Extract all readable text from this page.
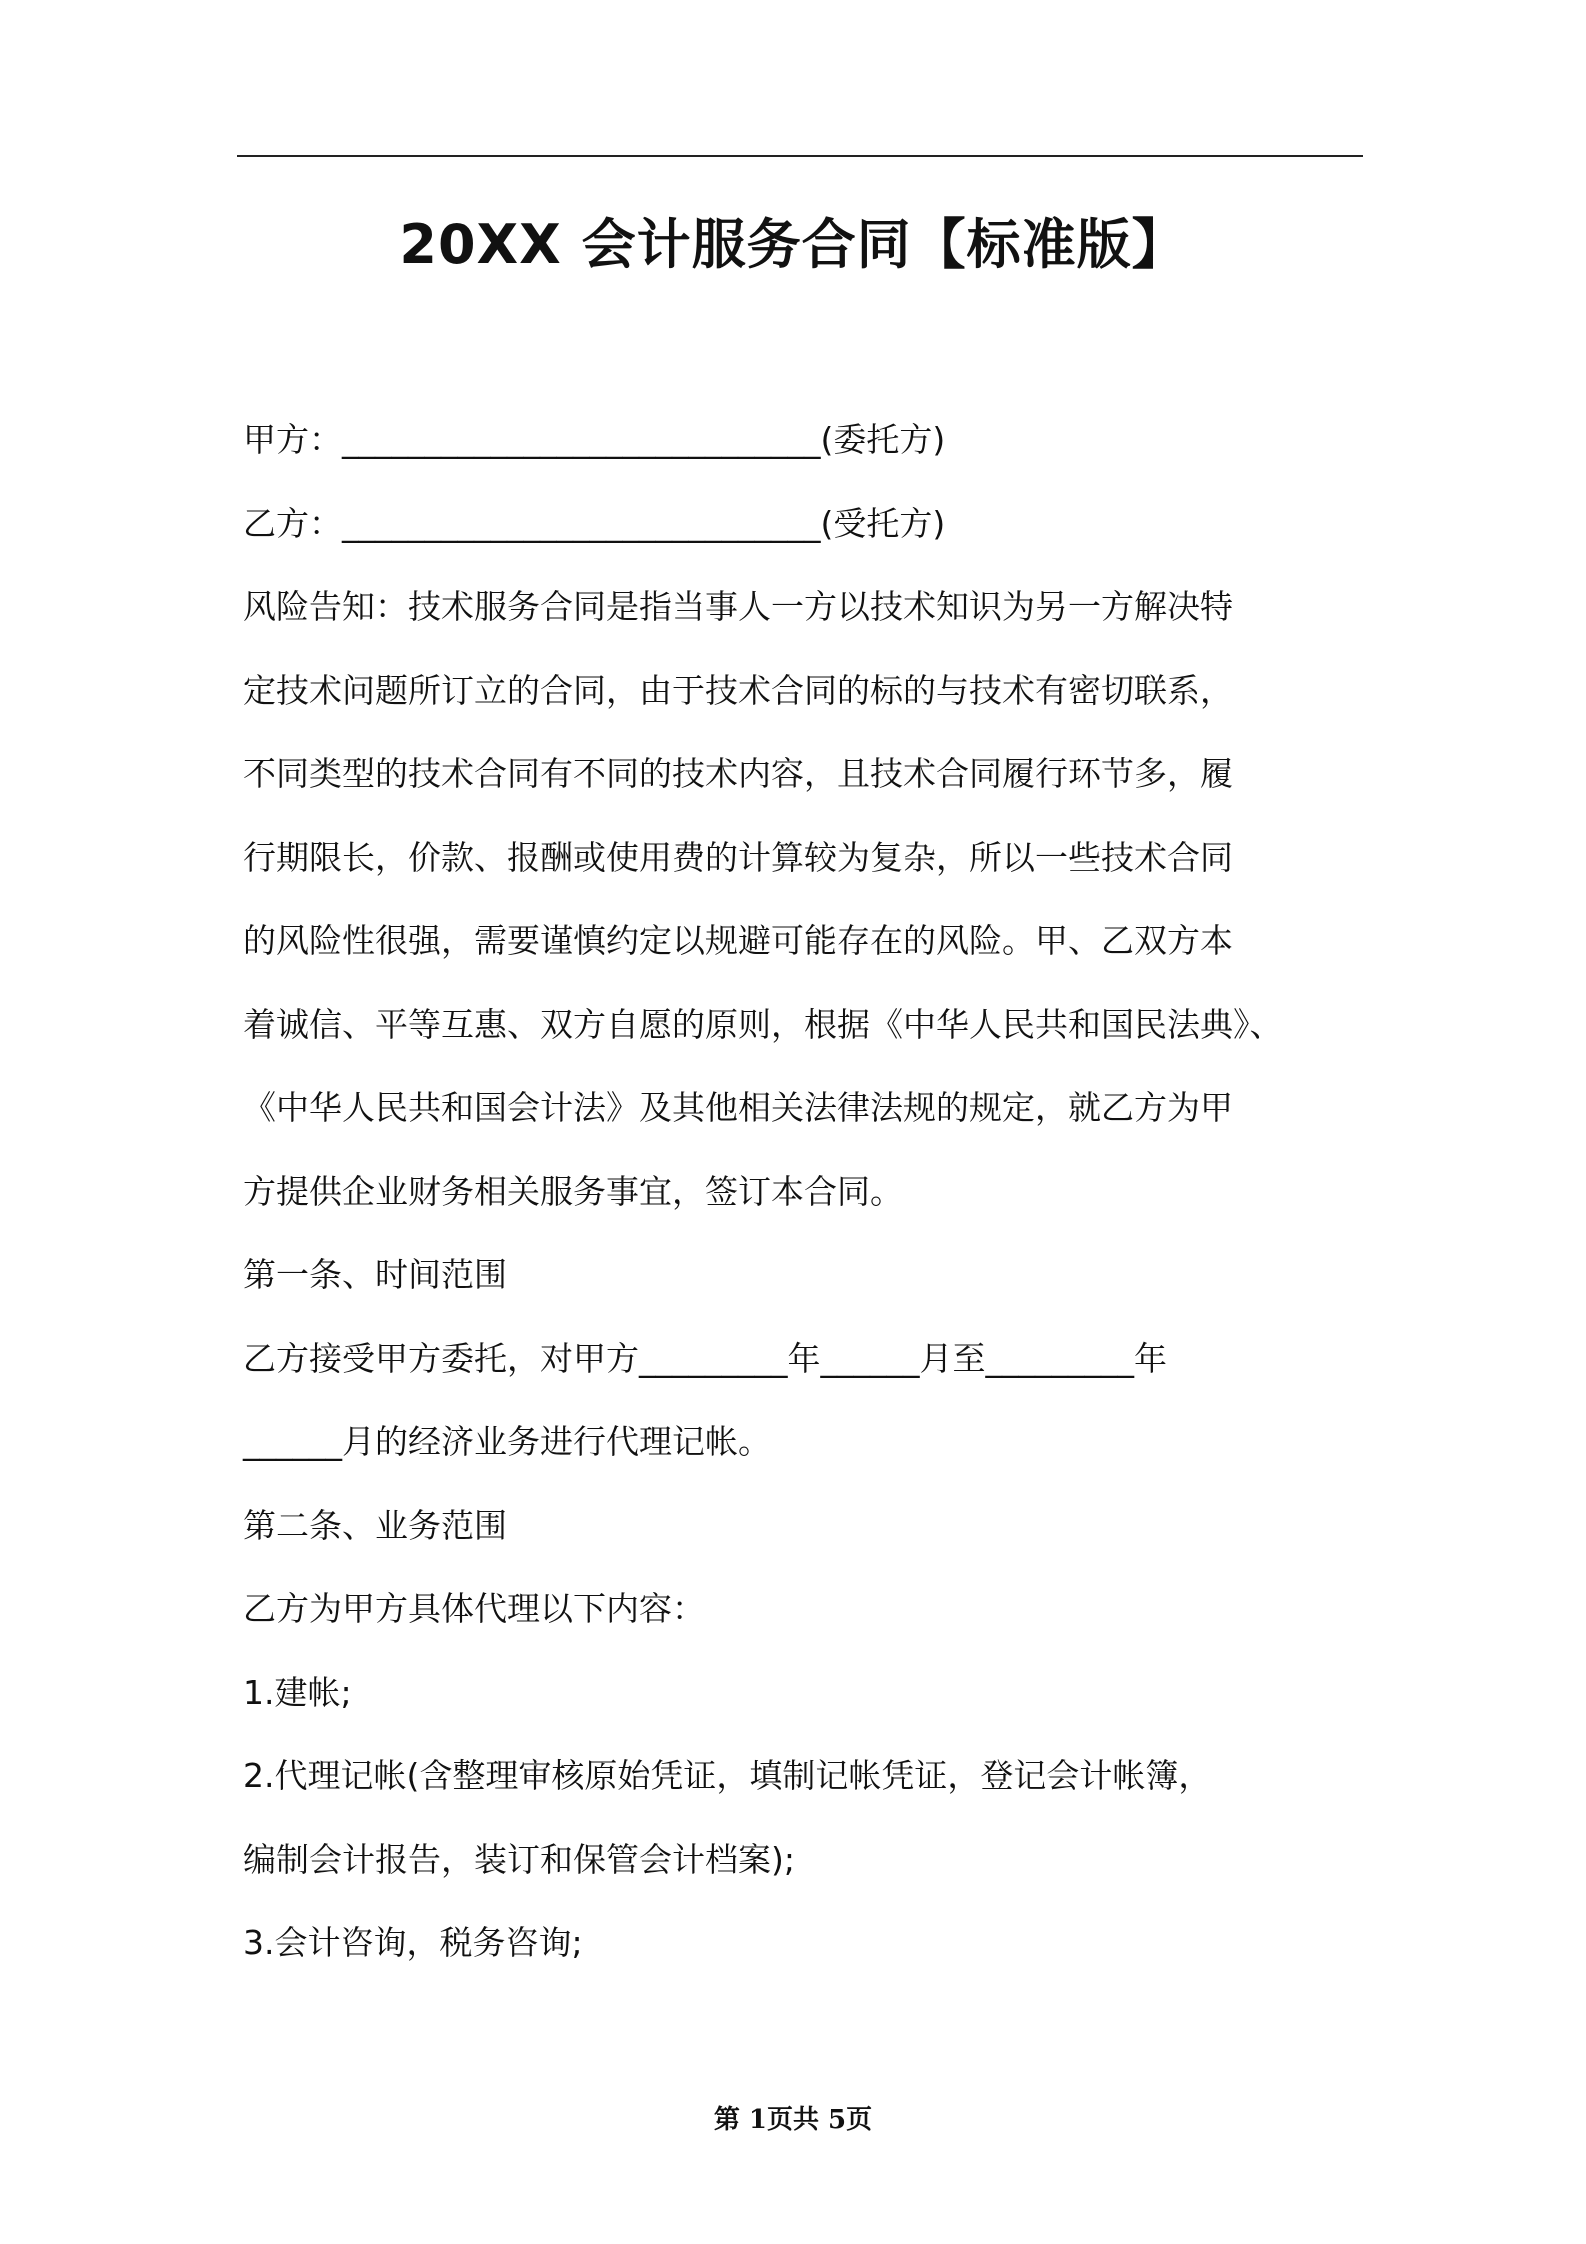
20XX 会计服务合同【标准版】
甲方：_____________________________(委托方)
乙方：_____________________________(受托方)
风险告知：技术服务合同是指当事人一方以技术知识为另一方解决特
定技术问题所订立的合同，由于技术合同的标的与技术有密切联系，
不同类型的技术合同有不同的技术内容，且技术合同履行环节多，履
行期限长，价款、报酬或使用费的计算较为复杂，所以一些技术合同
的风险性很强，需要谨慎约定以规避可能存在的风险。甲、乙双方本
着诚信、平等互惠、双方自愿的原则，根据《中华人民共和国民法典》、
《中华人民共和国会计法》及其他相关法律法规的规定，就乙方为甲
方提供企业财务相关服务事宜，签订本合同。
第一条、时间范围
乙方接受甲方委托，对甲方_________年______月至_________年
______月的经济业务进行代理记帐。
第二条、业务范围
乙方为甲方具体代理以下内容：
1.建帐;
2.代理记帐(含整理审核原始凭证，填制记帐凭证，登记会计帐簿，
编制会计报告，装订和保管会计档案);
3.会计咨询，税务咨询;
第 1页共 5页
